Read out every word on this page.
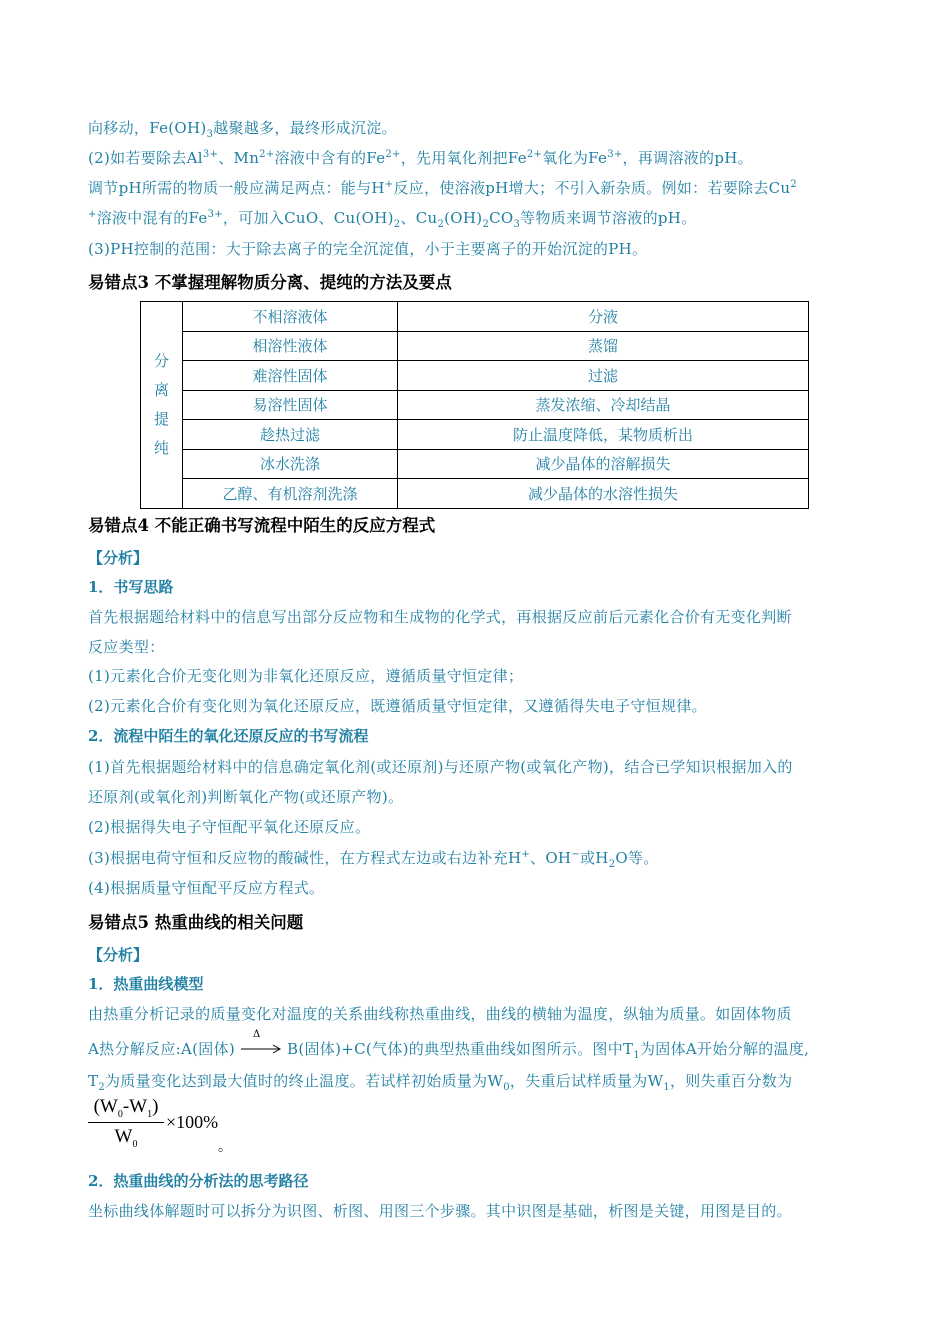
向移动，$Fe(OH)_3$越聚越多，最终形成沉淀。
(2)如若要除去$Al^{3+}$、$Mn^{2+}$溶液中含有的$Fe^{2+}$，先用氧化剂把$Fe^{2+}$氧化为$Fe^{3+}$，再调溶液的pH。
调节pH所需的物质一般应满足两点：能与H+反应，使溶液pH增大；不引入新杂质。例如：若要除去Cu$^2$
+溶液中混有的$Fe^{3+}$，可加入CuO、$Cu(OH)_2$、$Cu_2(OH)_2CO_3$等物质来调节溶液的pH。
(3)PH控制的范围：大于除去离子的完全沉淀值，小于主要离子的开始沉淀的PH。
易错点3 不掌握理解物质分离、提纯的方法及要点
分
离
提
纯	不相溶液体	分液
	相溶性液体	蒸馏
	难溶性固体	过滤
	易溶性固体	蒸发浓缩、冷却结晶
	趁热过滤	防止温度降低，某物质析出
	冰水洗涤	减少晶体的溶解损失
	乙醇、有机溶剂洗涤	减少晶体的水溶性损失
易错点4 不能正确书写流程中陌生的反应方程式
【分析】
1．书写思路
首先根据题给材料中的信息写出部分反应物和生成物的化学式，再根据反应前后元素化合价有无变化判断
反应类型：
(1)元素化合价无变化则为非氧化还原反应，遵循质量守恒定律；
(2)元素化合价有变化则为氧化还原反应，既遵循质量守恒定律，又遵循得失电子守恒规律。
2．流程中陌生的氧化还原反应的书写流程
(1)首先根据题给材料中的信息确定氧化剂(或还原剂)与还原产物(或氧化产物)，结合已学知识根据加入的
还原剂(或氧化剂)判断氧化产物(或还原产物)。
(2)根据得失电子守恒配平氧化还原反应。
(3)根据电荷守恒和反应物的酸碱性，在方程式左边或右边补充H+、OH−或$H_2O$等。
(4)根据质量守恒配平反应方程式。
易错点5 热重曲线的相关问题
【分析】
1．热重曲线模型
由热重分析记录的质量变化对温度的关系曲线称热重曲线，曲线的横轴为温度，纵轴为质量。如固体物质
A热分解反应:A(固体)
Δ
B(固体)+C(气体)的典型热重曲线如图所示。图中$T_1$为固体A开始分解的温度,
$T_2$为质量变化达到最大值时的终止温度。若试样初始质量为$W_0$，失重后试样质量为$W_1$，则失重百分数为
$(W_0-W_1)$
$W_0$
×100%
。
2．热重曲线的分析法的思考路径
坐标曲线体解题时可以拆分为识图、析图、用图三个步骤。其中识图是基础，析图是关键，用图是目的。
